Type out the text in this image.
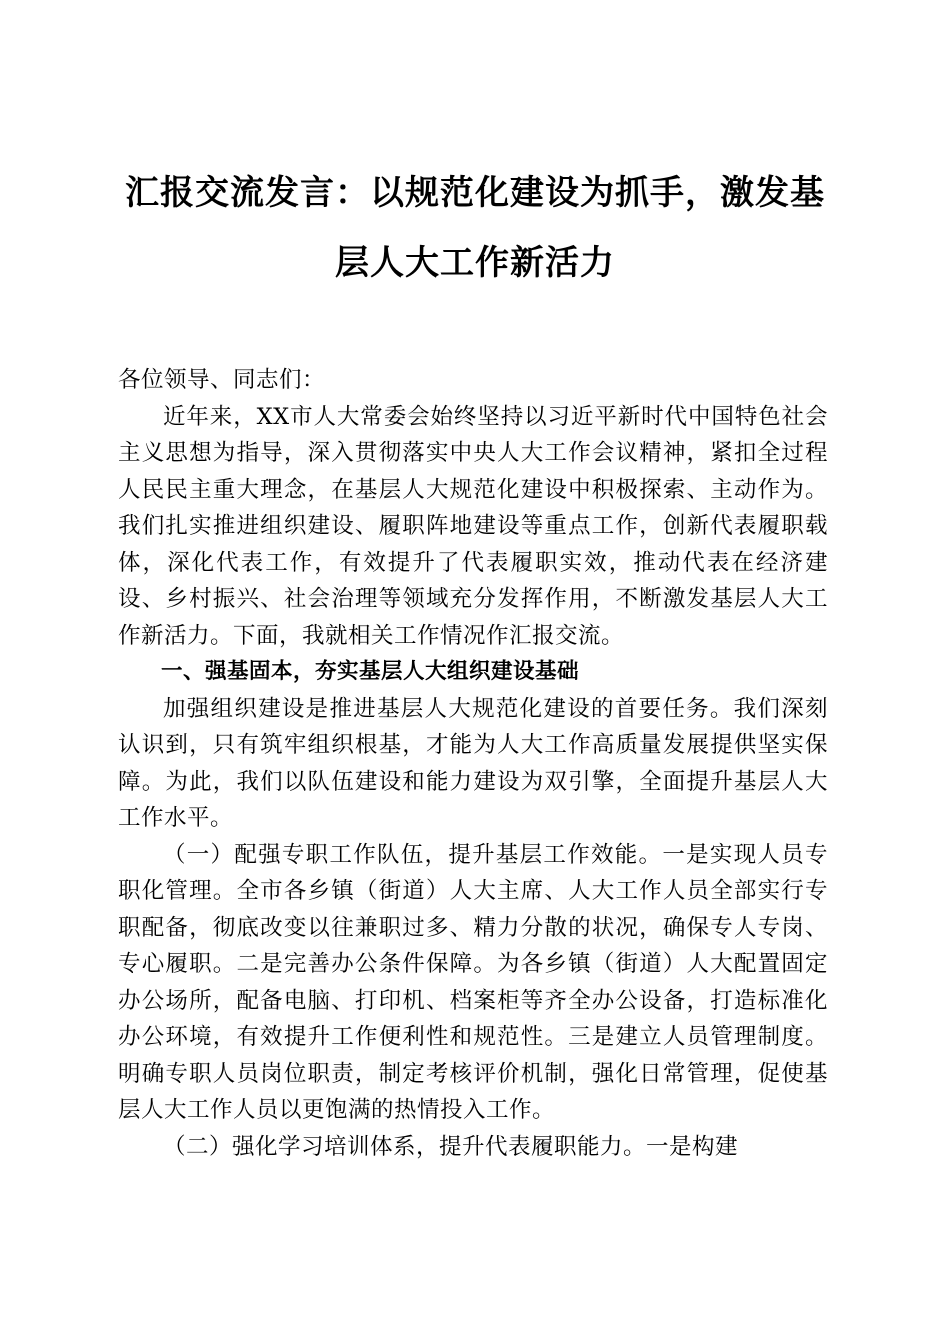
汇报交流发言：以规范化建设为抓手，激发基
层人大工作新活力

各位领导、同志们：

近年来，XX市人大常委会始终坚持以习近平新时代中国特色社会主义思想为指导，深入贯彻落实中央人大工作会议精神，紧扣全过程人民民主重大理念，在基层人大规范化建设中积极探索、主动作为。我们扎实推进组织建设、履职阵地建设等重点工作，创新代表履职载体，深化代表工作，有效提升了代表履职实效，推动代表在经济建设、乡村振兴、社会治理等领域充分发挥作用，不断激发基层人大工作新活力。下面，我就相关工作情况作汇报交流。

一、强基固本，夯实基层人大组织建设基础

加强组织建设是推进基层人大规范化建设的首要任务。我们深刻认识到，只有筑牢组织根基，才能为人大工作高质量发展提供坚实保障。为此，我们以队伍建设和能力建设为双引擎，全面提升基层人大工作水平。

（一）配强专职工作队伍，提升基层工作效能。一是实现人员专职化管理。全市各乡镇（街道）人大主席、人大工作人员全部实行专职配备，彻底改变以往兼职过多、精力分散的状况，确保专人专岗、专心履职。二是完善办公条件保障。为各乡镇（街道）人大配置固定办公场所，配备电脑、打印机、档案柜等齐全办公设备，打造标准化办公环境，有效提升工作便利性和规范性。三是建立人员管理制度。明确专职人员岗位职责，制定考核评价机制，强化日常管理，促使基层人大工作人员以更饱满的热情投入工作。

（二）强化学习培训体系，提升代表履职能力。一是构建
